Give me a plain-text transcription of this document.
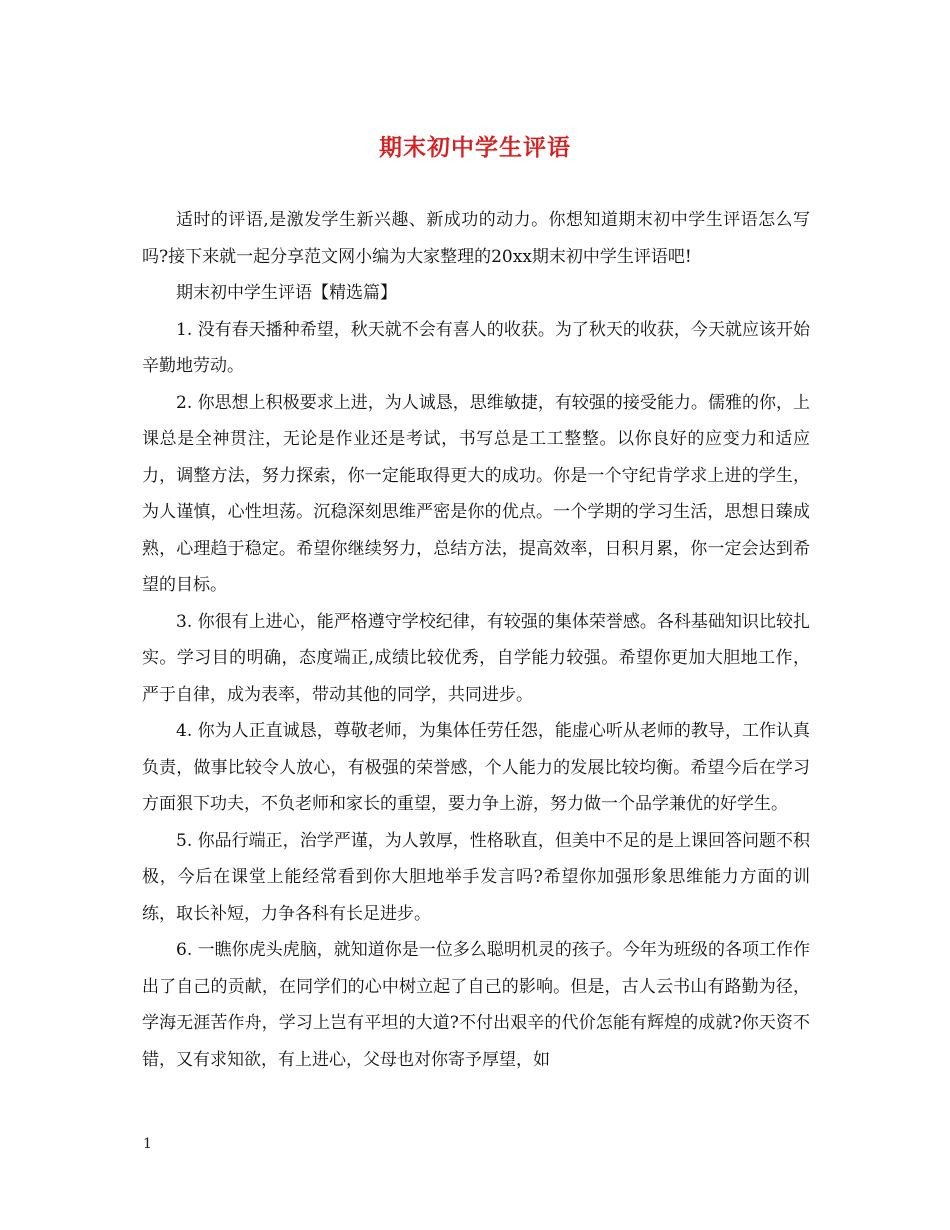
期末初中学生评语

适时的评语,是激发学生新兴趣、新成功的动力。你想知道期末初中学生评语怎么写吗?接下来就一起分享范文网小编为大家整理的20xx期末初中学生评语吧!

期末初中学生评语【精选篇】

1. 没有春天播种希望，秋天就不会有喜人的收获。为了秋天的收获，今天就应该开始辛勤地劳动。

2. 你思想上积极要求上进，为人诚恳，思维敏捷，有较强的接受能力。儒雅的你，上课总是全神贯注，无论是作业还是考试，书写总是工工整整。以你良好的应变力和适应力，调整方法，努力探索，你一定能取得更大的成功。你是一个守纪肯学求上进的学生，为人谨慎，心性坦荡。沉稳深刻思维严密是你的优点。一个学期的学习生活，思想日臻成熟，心理趋于稳定。希望你继续努力，总结方法，提高效率，日积月累，你一定会达到希望的目标。

3. 你很有上进心，能严格遵守学校纪律，有较强的集体荣誉感。各科基础知识比较扎实。学习目的明确，态度端正,成绩比较优秀，自学能力较强。希望你更加大胆地工作，严于自律，成为表率，带动其他的同学，共同进步。

4. 你为人正直诚恳，尊敬老师，为集体任劳任怨，能虚心听从老师的教导，工作认真负责，做事比较令人放心，有极强的荣誉感，个人能力的发展比较均衡。希望今后在学习方面狠下功夫，不负老师和家长的重望，要力争上游，努力做一个品学兼优的好学生。

5. 你品行端正，治学严谨，为人敦厚，性格耿直，但美中不足的是上课回答问题不积极，今后在课堂上能经常看到你大胆地举手发言吗?希望你加强形象思维能力方面的训练，取长补短，力争各科有长足进步。

6. 一瞧你虎头虎脑，就知道你是一位多么聪明机灵的孩子。今年为班级的各项工作作出了自己的贡献，在同学们的心中树立起了自己的影响。但是，古人云书山有路勤为径，学海无涯苦作舟，学习上岂有平坦的大道?不付出艰辛的代价怎能有辉煌的成就?你天资不错，又有求知欲，有上进心，父母也对你寄予厚望，如

1
